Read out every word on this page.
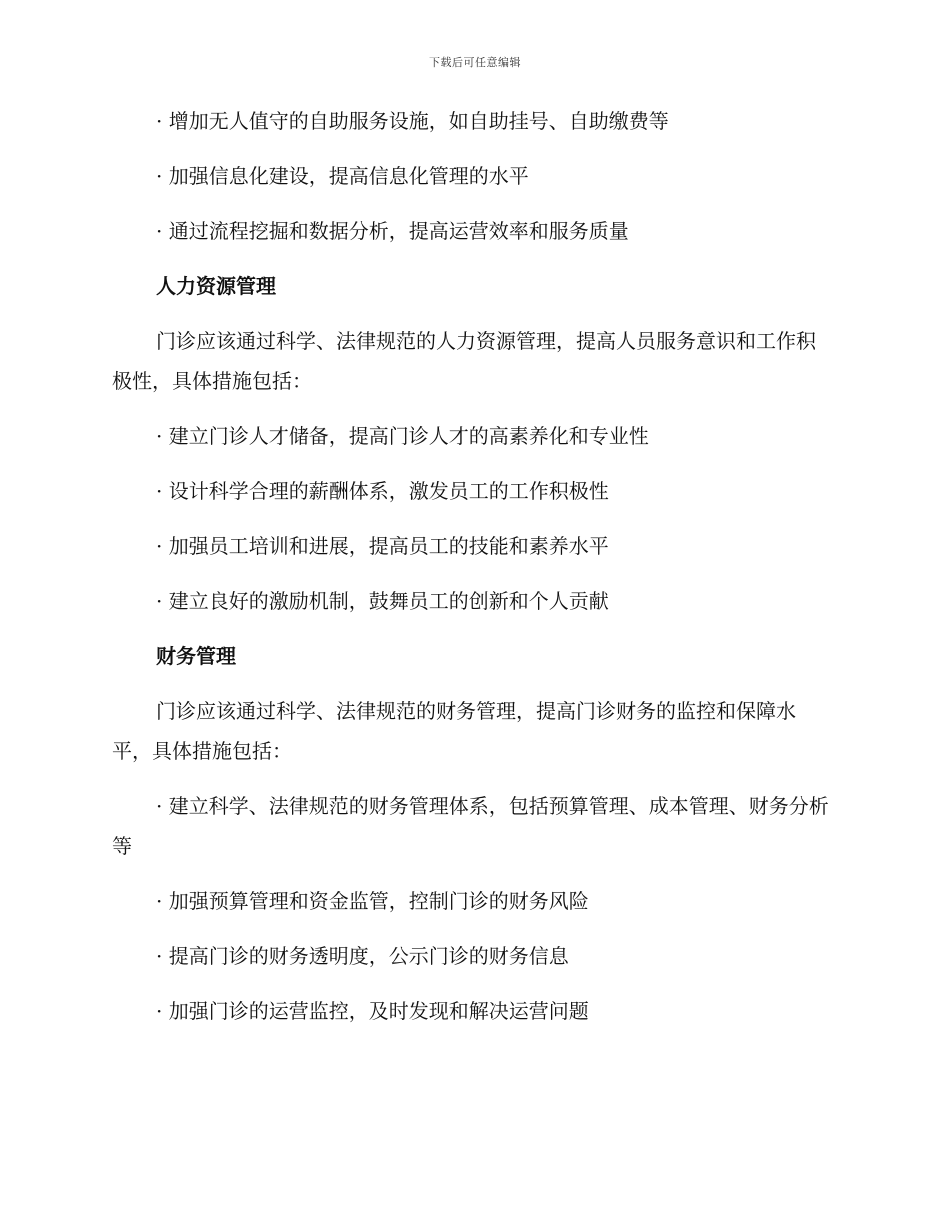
下载后可任意编辑

· 增加无人值守的自助服务设施，如自助挂号、自助缴费等

· 加强信息化建设，提高信息化管理的水平

· 通过流程挖掘和数据分析，提高运营效率和服务质量

人力资源管理

门诊应该通过科学、法律规范的人力资源管理，提高人员服务意识和工作积极性，具体措施包括：

· 建立门诊人才储备，提高门诊人才的高素养化和专业性

· 设计科学合理的薪酬体系，激发员工的工作积极性

· 加强员工培训和进展，提高员工的技能和素养水平

· 建立良好的激励机制，鼓舞员工的创新和个人贡献

财务管理

门诊应该通过科学、法律规范的财务管理，提高门诊财务的监控和保障水平，具体措施包括：

· 建立科学、法律规范的财务管理体系，包括预算管理、成本管理、财务分析等

· 加强预算管理和资金监管，控制门诊的财务风险

· 提高门诊的财务透明度，公示门诊的财务信息

· 加强门诊的运营监控，及时发现和解决运营问题
